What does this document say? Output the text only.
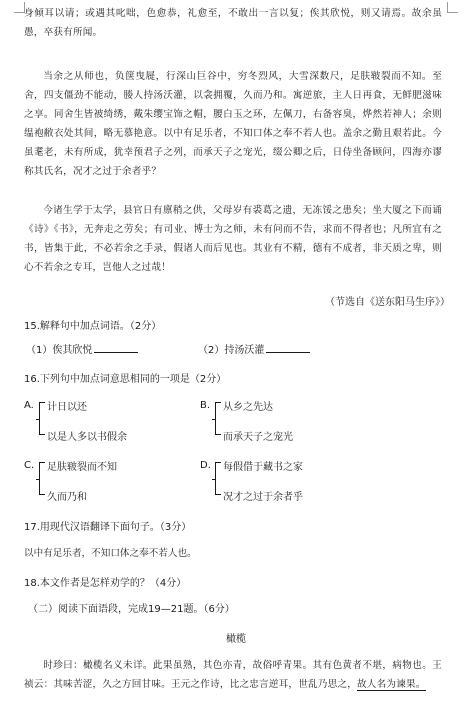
身倾耳以请；或遇其叱咄，色愈恭，礼愈至，不敢出一言以复；俟其欣悦，则又请焉。故余虽愚，卒获有所闻。
当余之从师也，负箧曳屣，行深山巨谷中，穷冬烈风，大雪深数尺，足肤皲裂而不知。至舍，四支僵劲不能动，媵人持汤沃灌，以衾拥覆，久而乃和。寓逆旅，主人日再食，无鲜肥滋味之享。同舍生皆被绮绣，戴朱缨宝饰之帽，腰白玉之环，左佩刀，右备容臭，烨然若神人；余则缊袍敝衣处其间，略无慕艳意。以中有足乐者，不知口体之奉不若人也。盖余之勤且艰若此。今虽耄老，未有所成，犹幸预君子之列，而承天子之宠光，缀公卿之后，日侍坐备顾问，四海亦谬称其氏名，况才之过于余者乎？
今诸生学于太学，县官日有廪稍之供，父母岁有裘葛之遗，无冻馁之患矣；坐大厦之下而诵《诗》《书》，无奔走之劳矣；有司业、博士为之师，未有问而不告，求而不得者也；凡所宜有之书，皆集于此，不必若余之手录，假诸人而后见也。其业有不精，德有不成者，非天质之卑，则心不若余之专耳，岂他人之过哉！
（节选自《送东阳马生序》）
15.解释句中加点词语。（2分）
（1）俟其欣悦	（2）持汤沃灌
16.下列句中加点词意思相同的一项是（2分）
A. 计日以还
以是人多以书假余
B. 从乡之先达
而承天子之宠光
C. 足肤皲裂而不知
久而乃和
D. 每假借于藏书之家
况才之过于余者乎
17.用现代汉语翻译下面句子。（3分）
以中有足乐者，不知口体之奉不若人也。
18.本文作者是怎样劝学的？（4分）
（二）阅读下面语段，完成19—21题。（6分）
橄榄
时珍曰：橄榄名义未详。此果虽熟，其色亦青，故俗呼青果。其有色黄者不堪，病物也。王祯云：其味苦涩，久之方回甘味。王元之作诗，比之忠言逆耳，世乱乃思之，故人名为谏果。
